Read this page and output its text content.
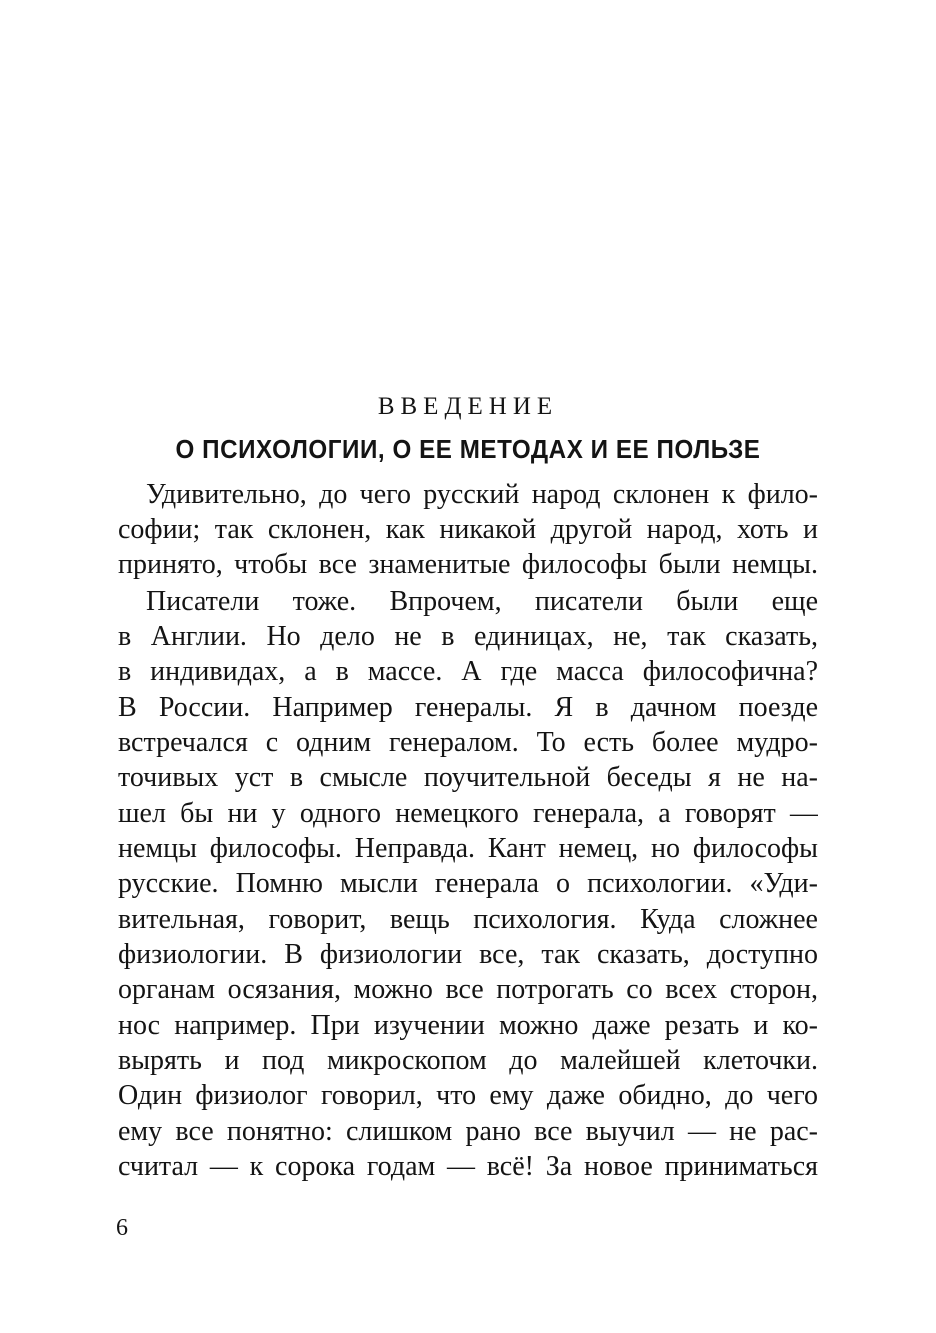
ВВЕДЕНИЕ
О ПСИХОЛОГИИ, О ЕЕ МЕТОДАХ И ЕЕ ПОЛЬЗЕ
Удивительно, до чего русский народ склонен к фило-
софии; так склонен, как никакой другой народ, хоть и
принято, чтобы все знаменитые философы были немцы.
Писатели тоже. Впрочем, писатели были еще
в Англии. Но дело не в единицах, не, так сказать,
в индивидах, а в массе. А где масса философична?
В России. Например генералы. Я в дачном поезде
встречался с одним генералом. То есть более мудро-
точивых уст в смысле поучительной беседы я не на-
шел бы ни у одного немецкого генерала, а говорят —
немцы философы. Неправда. Кант немец, но философы
русские. Помню мысли генерала о психологии. «Уди-
вительная, говорит, вещь психология. Куда сложнее
физиологии. В физиологии все, так сказать, доступно
органам осязания, можно все потрогать со всех сторон,
нос например. При изучении можно даже резать и ко-
вырять и под микроскопом до малейшей клеточки.
Один физиолог говорил, что ему даже обидно, до чего
ему все понятно: слишком рано все выучил — не рас-
считал — к сорока годам — всё! За новое приниматься
6
